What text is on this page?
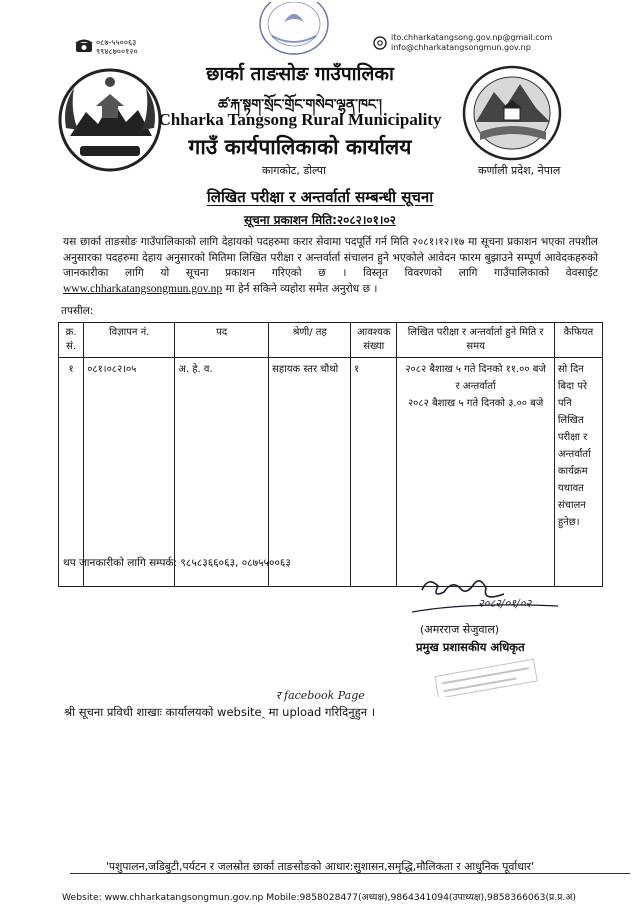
०८७-५५००६३
९९४८७००१२०
ito.chharkatangsong.gov.np@gmail.com
info@chharkatangsongmun.gov.np
छार्का ताङसोङ गाउँपालिका
ཚ་རྐ་སྟག་སྲོང་གྲོང་གསེབ་ལྷན་ཁང་།
Chharka Tangsong Rural Municipality
गाउँ कार्यपालिकाको कार्यालय
कागकोट, डोल्पा	कर्णाली प्रदेश, नेपाल
लिखित परीक्षा र अन्तर्वार्ता सम्बन्धी सूचना
सूचना प्रकाशन मिति:२०८२।०१।०२
यस छार्का ताङसोङ गाउँपालिकाको लागि देहायको पदहरुमा करार सेवामा पदपूर्ति गर्न मिति २०८१।१२।१७ मा सूचना प्रकाशन भएका तपशील अनुसारका पदहरुमा देहाय अनुसारको मितिमा लिखित परीक्षा र अन्तर्वार्ता संचालन हुने भएकोले आवेदन फारम बुझाउने सम्पूर्ण आवेदकहरुको जानकारीका लागि यो सूचना प्रकाशन गरिएको छ । विस्तृत विवरणको लागि गाउँपालिकाको वेवसाईट www.chharkatangsongmun.gov.np मा हेर्न सकिने व्यहोरा समेत अनुरोध छ ।
तपसील:
क्र. सं.	विज्ञापन नं.	पद	श्रेणी/ तह	आवश्यक संख्या	लिखित परीक्षा र अन्तर्वार्ता हुने मिति र समय	कैफियत
१	०८१।०८२।०५	अ. हे. व.	सहायक स्तर चौथो	१	२०८२ बैशाख ५ गते दिनको ११.०० बजे
र अन्तर्वार्ता
२०८२ बैशाख ५ गते दिनको ३.०० बजे	सो दिन बिदा परे पनि लिखित परीक्षा र अन्तर्वार्ता कार्यक्रम यथावत संचालन हुनेछ।
थप जानकारीको लागि सम्पर्क: ९८५८३६६०६३, ०८७५५००६३
२०८२/०१/०२
(अमरराज सेजुवाल)
प्रमुख प्रशासकीय अधिकृत
र facebook Page
श्री सूचना प्रविधी शाखाः कार्यालयको website‸ मा upload गरिदिनुहुन ।
'पशुपालन,जडिबुटी,पर्यटन र जलस्रोत छार्का ताङसोङको आधार:सुशासन,समृद्धि,मौलिकता र आधुनिक पूर्वाधार'
Website: www.chharkatangsongmun.gov.np Mobile:9858028477(अध्यक्ष),9864341094(उपाध्यक्ष),9858366063(प्र.प्र.अ)
